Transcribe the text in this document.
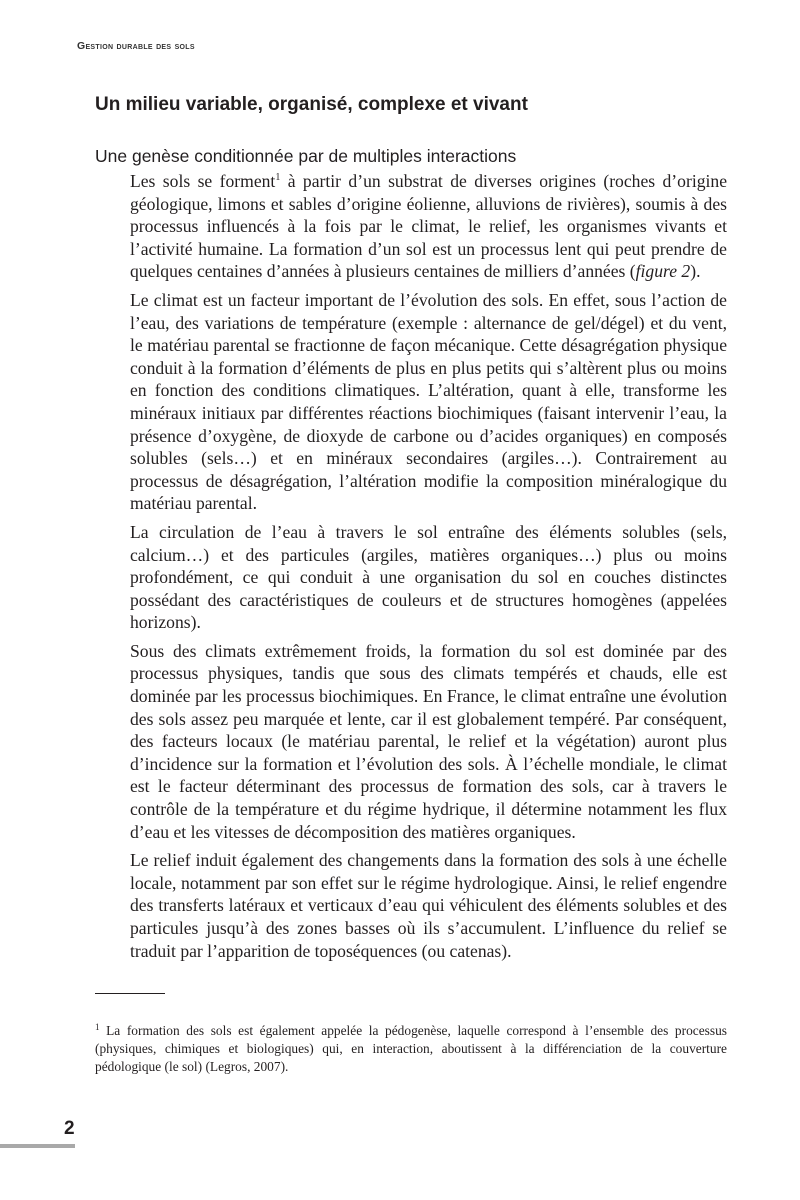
Gestion durable des sols
Un milieu variable, organisé, complexe et vivant
Une genèse conditionnée par de multiples interactions

Les sols se forment$^1$ à partir d’un substrat de diverses origines (roches d’origine géologique, limons et sables d’origine éolienne, alluvions de rivières), soumis à des processus influencés à la fois par le climat, le relief, les organismes vivants et l’activité humaine. La formation d’un sol est un processus lent qui peut prendre de quelques centaines d’années à plusieurs centaines de milliers d’années (figure 2).

Le climat est un facteur important de l’évolution des sols. En effet, sous l’action de l’eau, des variations de température (exemple : alternance de gel/dégel) et du vent, le matériau parental se fractionne de façon mécanique. Cette désagrégation physique conduit à la formation d’éléments de plus en plus petits qui s’altèrent plus ou moins en fonction des conditions climatiques. L’altération, quant à elle, transforme les minéraux initiaux par différentes réactions biochimiques (faisant intervenir l’eau, la présence d’oxygène, de dioxyde de carbone ou d’acides organiques) en composés solubles (sels…) et en minéraux secondaires (argiles…). Contrairement au processus de désagrégation, l’altération modifie la composition minéralogique du matériau parental.

La circulation de l’eau à travers le sol entraîne des éléments solubles (sels, calcium…) et des particules (argiles, matières organiques…) plus ou moins profondément, ce qui conduit à une organisation du sol en couches distinctes possédant des caractéristiques de couleurs et de structures homogènes (appelées horizons).

Sous des climats extrêmement froids, la formation du sol est dominée par des processus physiques, tandis que sous des climats tempérés et chauds, elle est dominée par les processus biochimiques. En France, le climat entraîne une évolution des sols assez peu marquée et lente, car il est globalement tempéré. Par conséquent, des facteurs locaux (le matériau parental, le relief et la végétation) auront plus d’incidence sur la formation et l’évolution des sols. À l’échelle mondiale, le climat est le facteur déterminant des processus de formation des sols, car à travers le contrôle de la température et du régime hydrique, il détermine notamment les flux d’eau et les vitesses de décomposition des matières organiques.

Le relief induit également des changements dans la formation des sols à une échelle locale, notamment par son effet sur le régime hydrologique. Ainsi, le relief engendre des transferts latéraux et verticaux d’eau qui véhiculent des éléments solubles et des particules jusqu’à des zones basses où ils s’accumulent. L’influence du relief se traduit par l’apparition de toposéquences (ou catenas).

$^1$ La formation des sols est également appelée la pédogenèse, laquelle correspond à l’ensemble des processus (physiques, chimiques et biologiques) qui, en interaction, aboutissent à la différenciation de la couverture pédologique (le sol) (Legros, 2007).

2
